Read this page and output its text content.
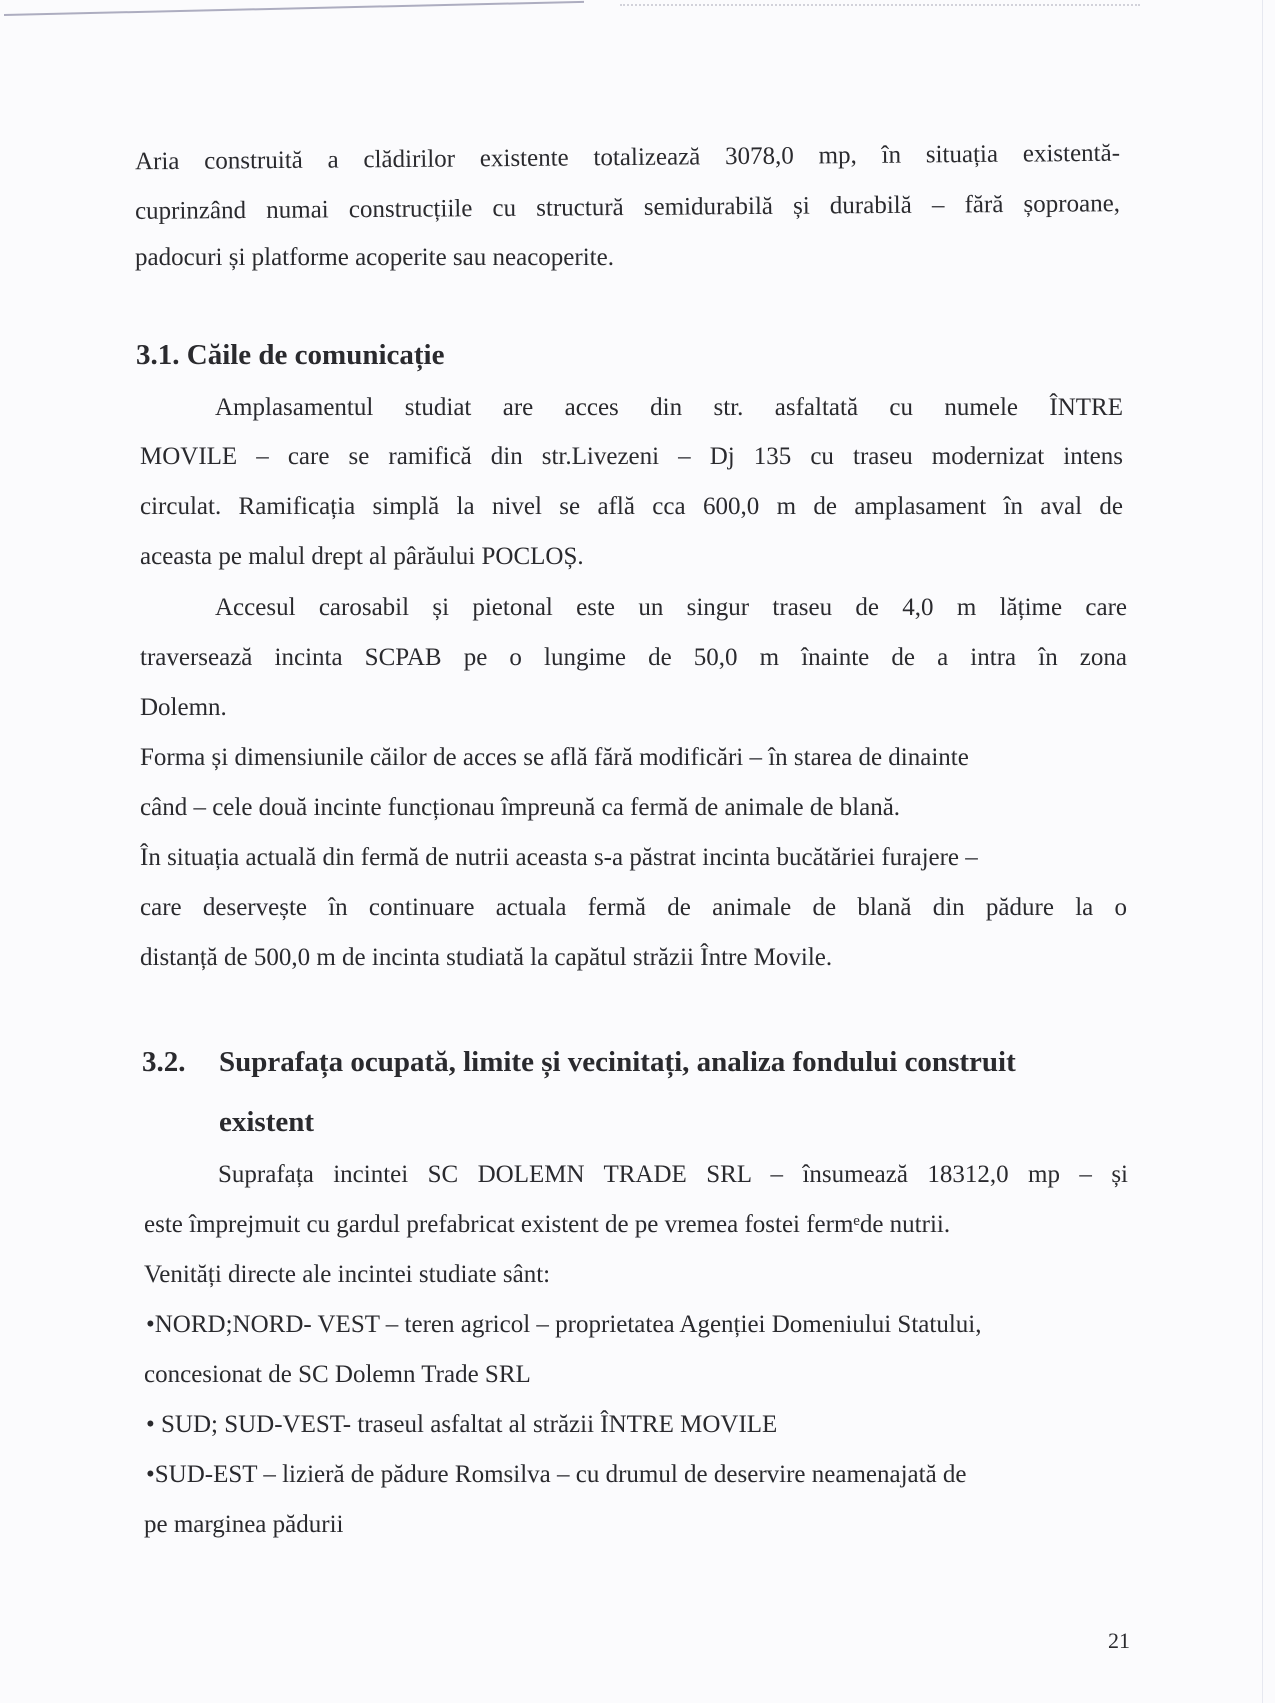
Aria construită a clădirilor existente totalizează 3078,0 mp, în situația existentă-
cuprinzând numai construcțiile cu structură semidurabilă și durabilă – fără șoproane,
padocuri și platforme acoperite sau neacoperite.
3.1. Căile de comunicație
Amplasamentul studiat are acces din str. asfaltată cu numele ÎNTRE
MOVILE – care se ramifică din str.Livezeni – Dj 135 cu traseu modernizat intens
circulat. Ramificația simplă la nivel se află cca 600,0 m de amplasament în aval de
aceasta pe malul drept al pârăului POCLOȘ.
Accesul carosabil și pietonal este un singur traseu de 4,0 m lățime care
traversează incinta SCPAB pe o lungime de 50,0 m înainte de a intra în zona
Dolemn.
Forma și dimensiunile căilor de acces se află fără modificări – în starea de dinainte
când – cele două incinte funcționau împreună ca fermă de animale de blană.
În situația actuală din fermă de nutrii aceasta s-a păstrat incinta bucătăriei furajere –
care deservește în continuare actuala fermă de animale de blană din pădure la o
distanță de 500,0 m de incinta studiată la capătul străzii Între Movile.
3.2. Suprafața ocupată, limite și vecinitați, analiza fondului construit
existent
Suprafața incintei SC DOLEMN TRADE SRL – însumează 18312,0 mp – și
este împrejmuit cu gardul prefabricat existent de pe vremea fostei fermᵉde nutrii.
Venități directe ale incintei studiate sânt:
•NORD;NORD- VEST – teren agricol – proprietatea Agenției Domeniului Statului,
concesionat de SC Dolemn Trade SRL
• SUD; SUD-VEST- traseul asfaltat al străzii ÎNTRE MOVILE
•SUD-EST – lizieră de pădure Romsilva – cu drumul de deservire neamenajată de
pe marginea pădurii
21
